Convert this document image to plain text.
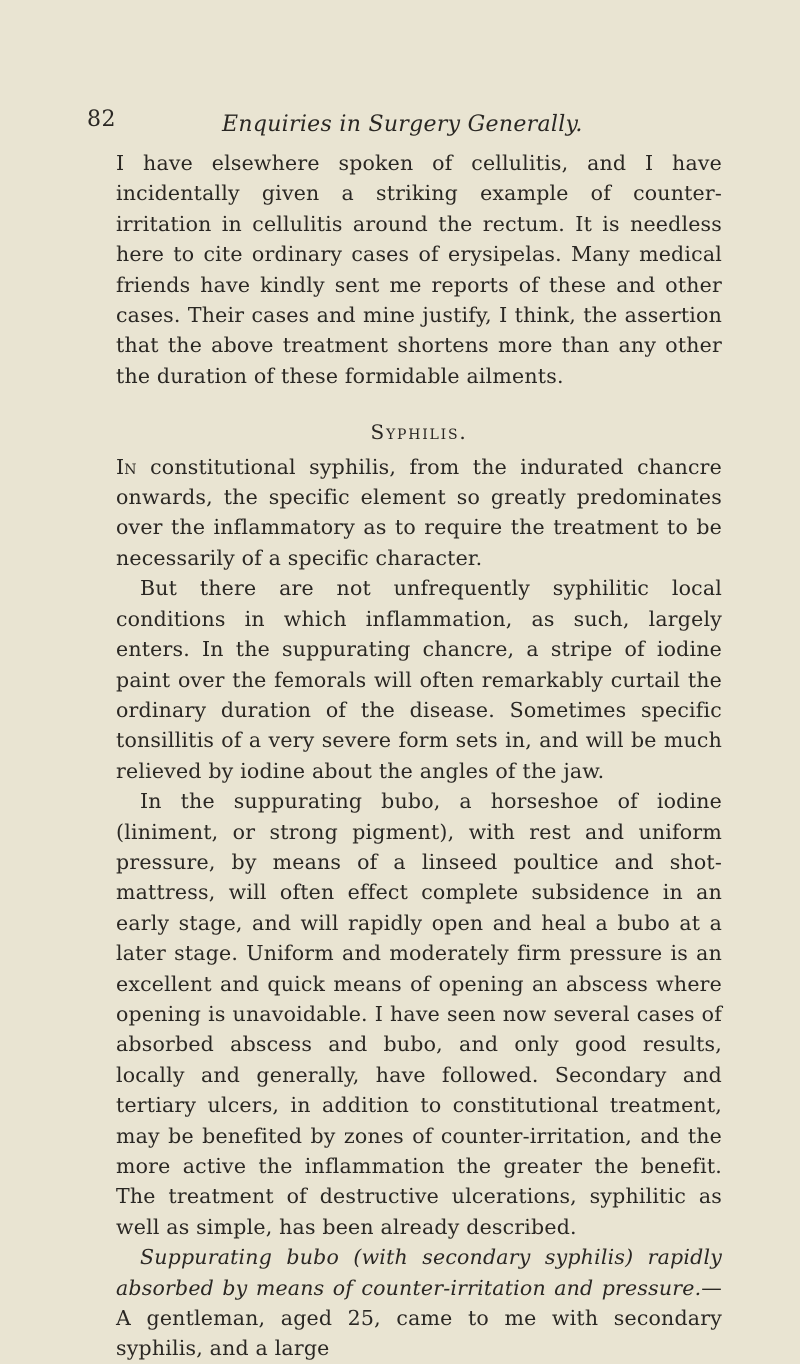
82	Enquiries in Surgery Generally.

I have elsewhere spoken of cellulitis, and I have incidentally given a striking example of counter-irritation in cellulitis around the rectum. It is needless here to cite ordinary cases of erysipelas. Many medical friends have kindly sent me reports of these and other cases. Their cases and mine justify, I think, the assertion that the above treatment shortens more than any other the duration of these formidable ailments.

Syphilis.

In constitutional syphilis, from the indurated chancre onwards, the specific element so greatly predominates over the inflammatory as to require the treatment to be necessarily of a specific character.

But there are not unfrequently syphilitic local conditions in which inflammation, as such, largely enters. In the suppurating chancre, a stripe of iodine paint over the femorals will often remarkably curtail the ordinary duration of the disease. Sometimes specific tonsillitis of a very severe form sets in, and will be much relieved by iodine about the angles of the jaw.

In the suppurating bubo, a horseshoe of iodine (liniment, or strong pigment), with rest and uniform pressure, by means of a linseed poultice and shot-mattress, will often effect complete subsidence in an early stage, and will rapidly open and heal a bubo at a later stage. Uniform and moderately firm pressure is an excellent and quick means of opening an abscess where opening is unavoidable. I have seen now several cases of absorbed abscess and bubo, and only good results, locally and generally, have followed. Secondary and tertiary ulcers, in addition to constitutional treatment, may be benefited by zones of counter-irritation, and the more active the inflammation the greater the benefit. The treatment of destructive ulcerations, syphilitic as well as simple, has been already described.

Suppurating bubo (with secondary syphilis) rapidly absorbed by means of counter-irritation and pressure.—A gentleman, aged 25, came to me with secondary syphilis, and a large
